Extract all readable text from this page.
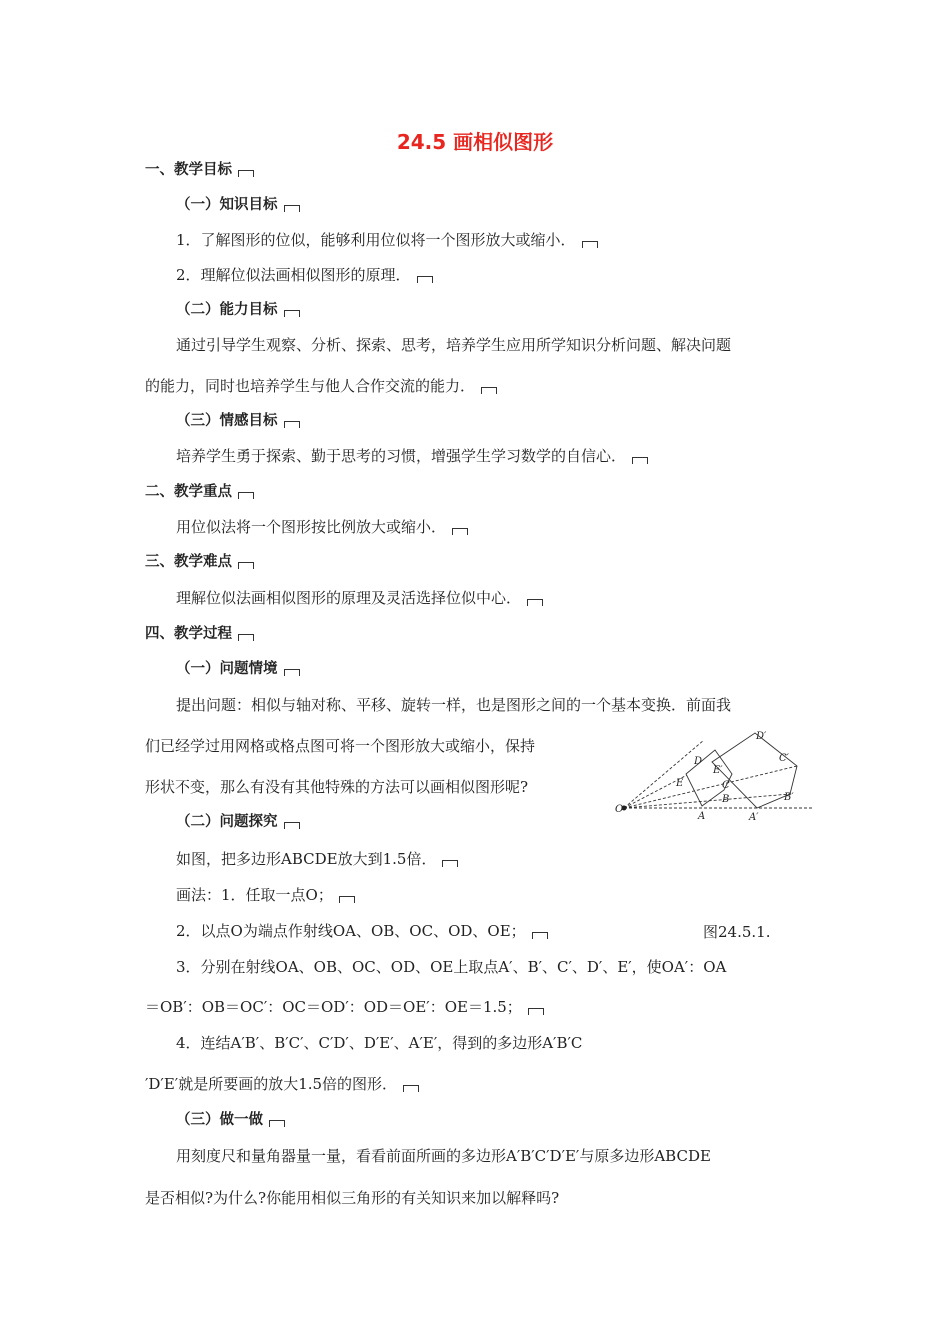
24.5 画相似图形
一、教学目标
（一）知识目标
1．了解图形的位似，能够利用位似将一个图形放大或缩小．
2．理解位似法画相似图形的原理．
（二）能力目标
通过引导学生观察、分析、探索、思考，培养学生应用所学知识分析问题、解决问题
的能力，同时也培养学生与他人合作交流的能力．
（三）情感目标
培养学生勇于探索、勤于思考的习惯，增强学生学习数学的自信心．
二、教学重点
用位似法将一个图形按比例放大或缩小．
三、教学难点
理解位似法画相似图形的原理及灵活选择位似中心．
四、教学过程
（一）问题情境
提出问题：相似与轴对称、平移、旋转一样，也是图形之间的一个基本变换．前面我
们已经学过用网格或格点图可将一个图形放大或缩小，保持
形状不变，那么有没有其他特殊的方法可以画相似图形呢?
（二）问题探究
如图，把多边形ABCDE放大到1.5倍．
画法：1．任取一点O；
2．以点O为端点作射线OA、OB、OC、OD、OE；
3．分别在射线OA、OB、OC、OD、OE上取点A′、B′、C′、D′、E′，使OA′：OA
＝OB′：OB＝OC′：OC＝OD′：OD＝OE′：OE＝1.5；
4．连结A′B′、B′C′、C′D′、D′E′、A′E′，得到的多边形A′B′C
′D′E′就是所要画的放大1.5倍的图形．
（三）做一做
用刻度尺和量角器量一量，看看前面所画的多边形A′B′C′D′E′与原多边形ABCDE
是否相似?为什么?你能用相似三角形的有关知识来加以解释吗?
O
A
B
C
D
E
A′
B′
C′
D′
E′
图24.5.1.
